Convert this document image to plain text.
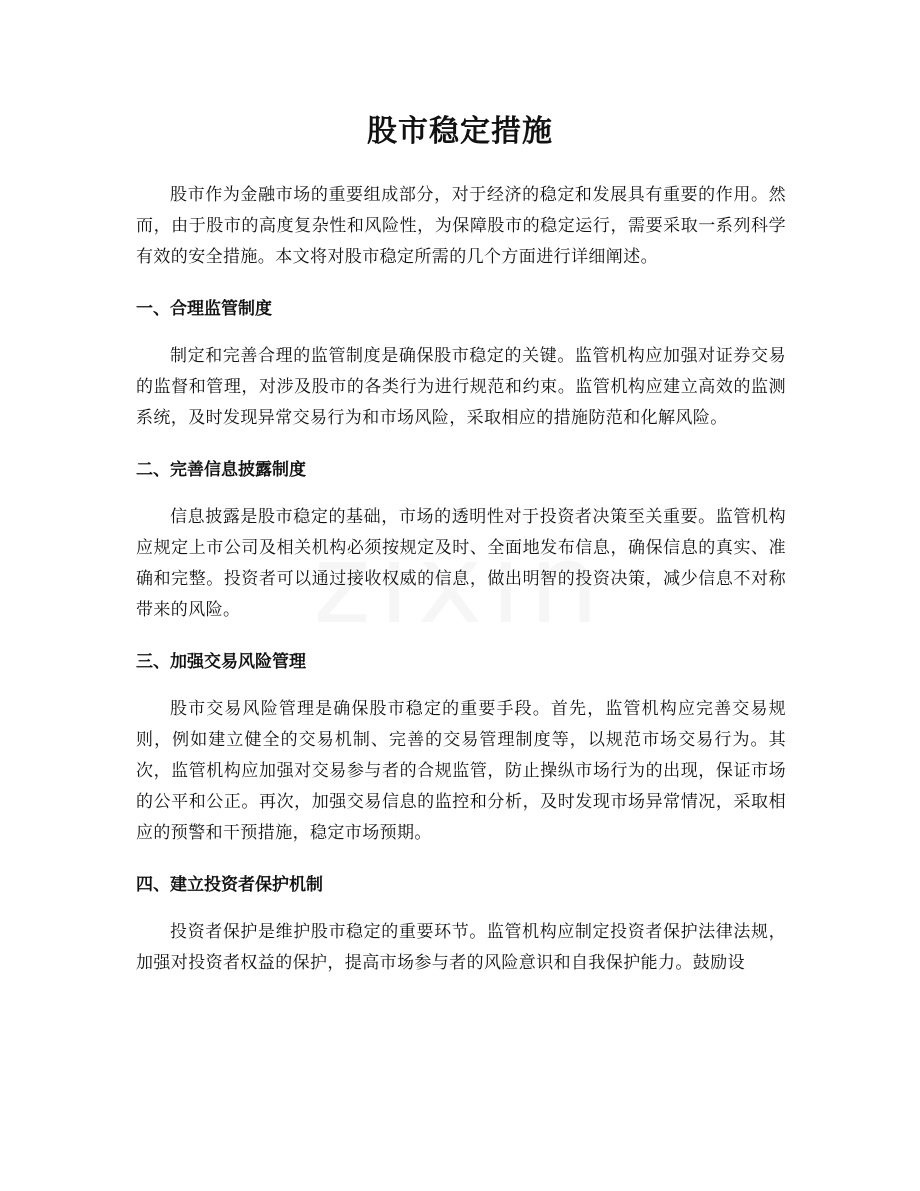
股市稳定措施

股市作为金融市场的重要组成部分，对于经济的稳定和发展具有重要的作用。然而，由于股市的高度复杂性和风险性，为保障股市的稳定运行，需要采取一系列科学有效的安全措施。本文将对股市稳定所需的几个方面进行详细阐述。

一、合理监管制度

制定和完善合理的监管制度是确保股市稳定的关键。监管机构应加强对证券交易的监督和管理，对涉及股市的各类行为进行规范和约束。监管机构应建立高效的监测系统，及时发现异常交易行为和市场风险，采取相应的措施防范和化解风险。

二、完善信息披露制度

信息披露是股市稳定的基础，市场的透明性对于投资者决策至关重要。监管机构应规定上市公司及相关机构必须按规定及时、全面地发布信息，确保信息的真实、准确和完整。投资者可以通过接收权威的信息，做出明智的投资决策，减少信息不对称带来的风险。

三、加强交易风险管理

股市交易风险管理是确保股市稳定的重要手段。首先，监管机构应完善交易规则，例如建立健全的交易机制、完善的交易管理制度等，以规范市场交易行为。其次，监管机构应加强对交易参与者的合规监管，防止操纵市场行为的出现，保证市场的公平和公正。再次，加强交易信息的监控和分析，及时发现市场异常情况，采取相应的预警和干预措施，稳定市场预期。

四、建立投资者保护机制

投资者保护是维护股市稳定的重要环节。监管机构应制定投资者保护法律法规，加强对投资者权益的保护，提高市场参与者的风险意识和自我保护能力。鼓励设
